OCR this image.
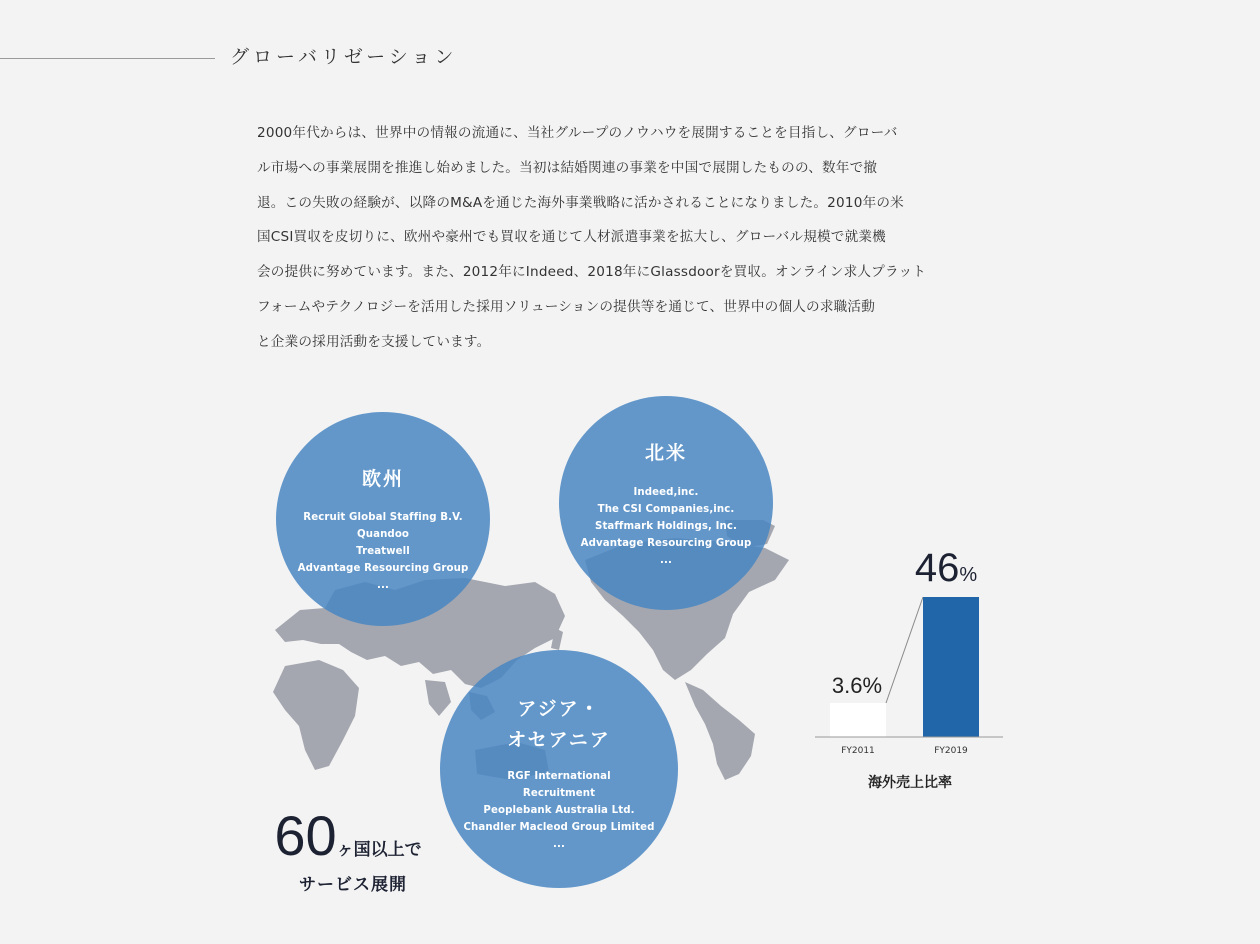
グローバリゼーション
2000年代からは、世界中の情報の流通に、当社グループのノウハウを展開することを目指し、グローバ
ル市場への事業展開を推進し始めました。当初は結婚関連の事業を中国で展開したものの、数年で撤
退。この失敗の経験が、以降のM&Aを通じた海外事業戦略に活かされることになりました。2010年の米
国CSI買収を皮切りに、欧州や豪州でも買収を通じて人材派遣事業を拡大し、グローバル規模で就業機
会の提供に努めています。また、2012年にIndeed、2018年にGlassdoorを買収。オンライン求人プラット
フォームやテクノロジーを活用した採用ソリューションの提供等を通じて、世界中の個人の求職活動
と企業の採用活動を支援しています。
欧州
Recruit Global Staffing B.V.
Quandoo
Treatwell
Advantage Resourcing Group
...
北米
Indeed,inc.
The CSI Companies,inc.
Staffmark Holdings, Inc.
Advantage Resourcing Group
...
アジア・
オセアニア
RGF International
Recruitment
Peoplebank Australia Ltd.
Chandler Macleod Group Limited
...
60ヶ国以上で
サービス展開
3.6%
46%
FY2011	FY2019
海外売上比率
